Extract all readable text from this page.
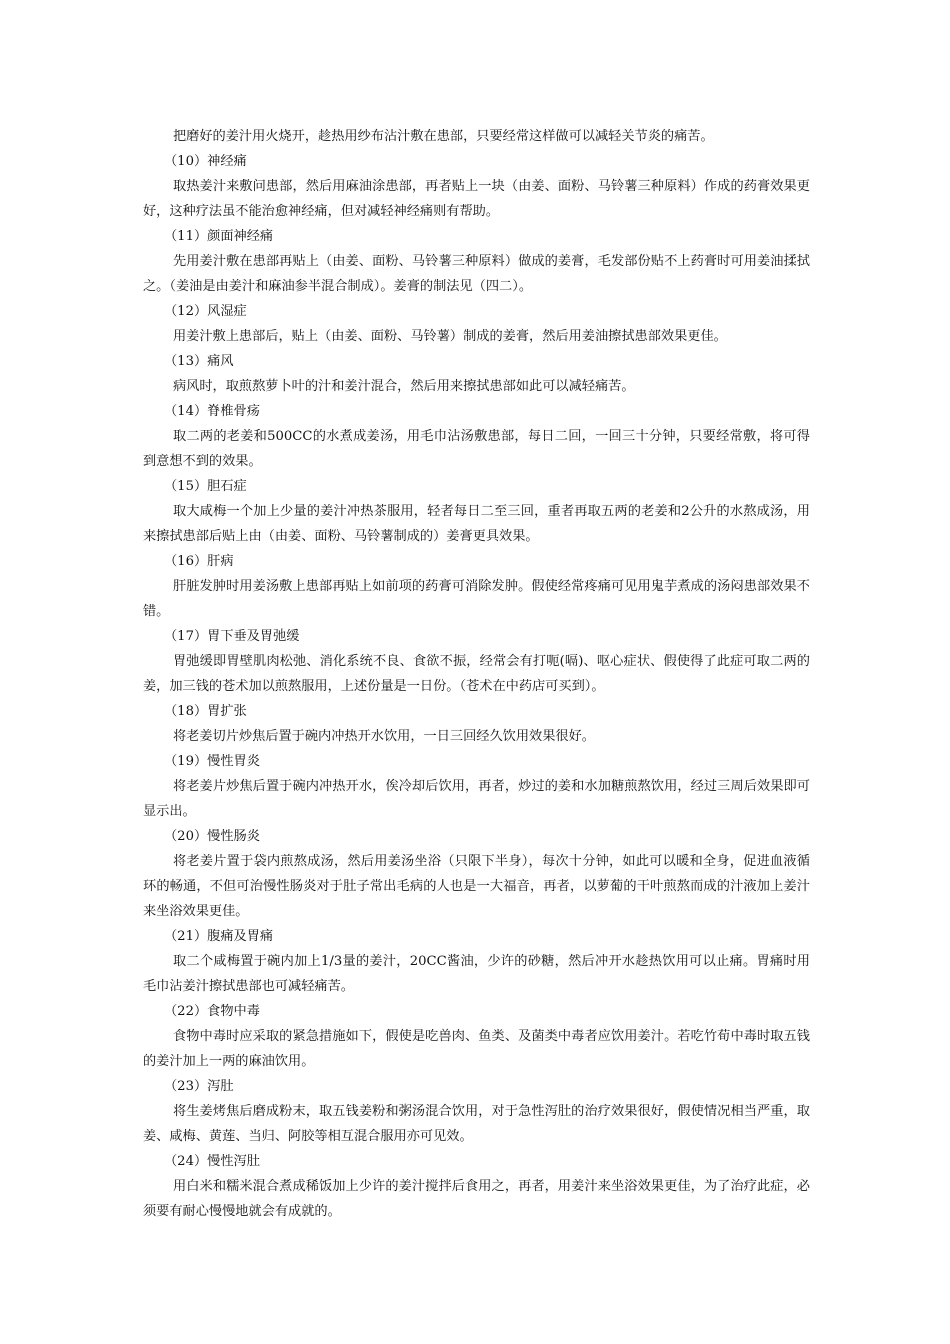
把磨好的姜汁用火烧开，趁热用纱布沾汁敷在患部，只要经常这样做可以减轻关节炎的痛苦。

（10）神经痛

取热姜汁来敷问患部，然后用麻油涂患部，再者贴上一块（由姜、面粉、马铃薯三种原料）作成的药膏效果更好，这种疗法虽不能治愈神经痛，但对减轻神经痛则有帮助。

（11）颜面神经痛

先用姜汁敷在患部再贴上（由姜、面粉、马铃薯三种原料）做成的姜膏，毛发部份贴不上药膏时可用姜油揉拭之。（姜油是由姜汁和麻油参半混合制成）。姜膏的制法见（四二）。

（12）风湿症

用姜汁敷上患部后，贴上（由姜、面粉、马铃薯）制成的姜膏，然后用姜油擦拭患部效果更佳。

（13）痛风

病风时，取煎熬萝卜叶的汁和姜汁混合，然后用来擦拭患部如此可以减轻痛苦。

（14）脊椎骨疡

取二两的老姜和500CC的水煮成姜汤，用毛巾沾汤敷患部，每日二回，一回三十分钟，只要经常敷，将可得到意想不到的效果。

（15）胆石症

取大咸梅一个加上少量的姜汁冲热茶服用，轻者每日二至三回，重者再取五两的老姜和2公升的水熬成汤，用来擦拭患部后贴上由（由姜、面粉、马铃薯制成的）姜膏更具效果。

（16）肝病

肝脏发肿时用姜汤敷上患部再贴上如前项的药膏可消除发肿。假使经常疼痛可见用鬼芋煮成的汤闷患部效果不错。

（17）胃下垂及胃弛缓

胃弛缓即胃壁肌肉松弛、消化系统不良、食欲不振，经常会有打呃(嗝)、呕心症状、假使得了此症可取二两的姜，加三钱的苍术加以煎熬服用，上述份量是一日份。（苍术在中药店可买到）。

（18）胃扩张

将老姜切片炒焦后置于碗内冲热开水饮用，一日三回经久饮用效果很好。

（19）慢性胃炎

将老姜片炒焦后置于碗内冲热开水，俟冷却后饮用，再者，炒过的姜和水加糖煎熬饮用，经过三周后效果即可显示出。

（20）慢性肠炎

将老姜片置于袋内煎熬成汤，然后用姜汤坐浴（只限下半身），每次十分钟，如此可以暖和全身，促进血液循环的畅通，不但可治慢性肠炎对于肚子常出毛病的人也是一大福音，再者，以萝葡的干叶煎熬而成的汁液加上姜汁来坐浴效果更佳。

（21）腹痛及胃痛

取二个咸梅置于碗内加上1/3量的姜汁，20CC酱油，少许的砂糖，然后冲开水趁热饮用可以止痛。胃痛时用毛巾沾姜汁擦拭患部也可减轻痛苦。

（22）食物中毒

食物中毒时应采取的紧急措施如下，假使是吃兽肉、鱼类、及菌类中毒者应饮用姜汁。若吃竹荀中毒时取五钱的姜汁加上一两的麻油饮用。

（23）泻肚

将生姜烤焦后磨成粉末，取五钱姜粉和粥汤混合饮用，对于急性泻肚的治疗效果很好，假使情况相当严重，取姜、咸梅、黄莲、当归、阿胶等相互混合服用亦可见效。

（24）慢性泻肚

用白米和糯米混合煮成稀饭加上少许的姜汁搅拌后食用之，再者，用姜汁来坐浴效果更佳，为了治疗此症，必须要有耐心慢慢地就会有成就的。
